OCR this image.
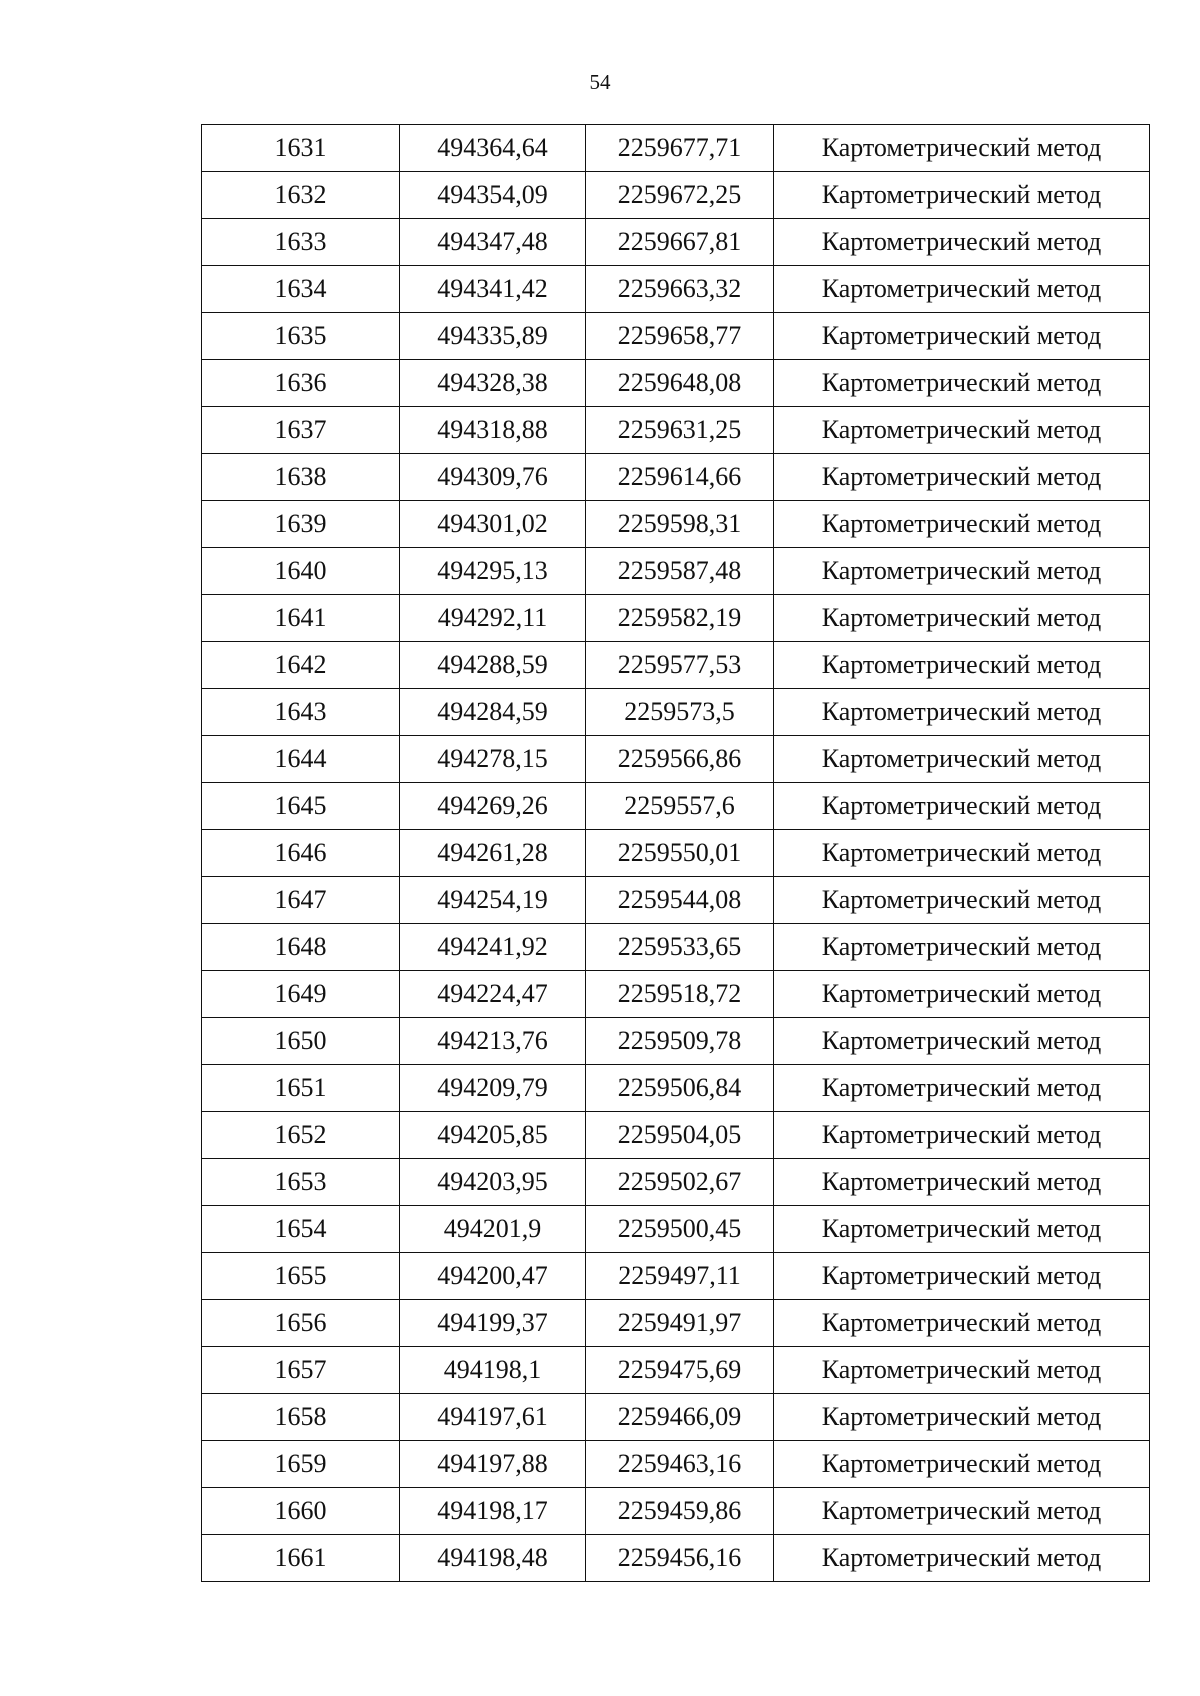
54
1631	494364,64	2259677,71	Картометрический метод
1632	494354,09	2259672,25	Картометрический метод
1633	494347,48	2259667,81	Картометрический метод
1634	494341,42	2259663,32	Картометрический метод
1635	494335,89	2259658,77	Картометрический метод
1636	494328,38	2259648,08	Картометрический метод
1637	494318,88	2259631,25	Картометрический метод
1638	494309,76	2259614,66	Картометрический метод
1639	494301,02	2259598,31	Картометрический метод
1640	494295,13	2259587,48	Картометрический метод
1641	494292,11	2259582,19	Картометрический метод
1642	494288,59	2259577,53	Картометрический метод
1643	494284,59	2259573,5	Картометрический метод
1644	494278,15	2259566,86	Картометрический метод
1645	494269,26	2259557,6	Картометрический метод
1646	494261,28	2259550,01	Картометрический метод
1647	494254,19	2259544,08	Картометрический метод
1648	494241,92	2259533,65	Картометрический метод
1649	494224,47	2259518,72	Картометрический метод
1650	494213,76	2259509,78	Картометрический метод
1651	494209,79	2259506,84	Картометрический метод
1652	494205,85	2259504,05	Картометрический метод
1653	494203,95	2259502,67	Картометрический метод
1654	494201,9	2259500,45	Картометрический метод
1655	494200,47	2259497,11	Картометрический метод
1656	494199,37	2259491,97	Картометрический метод
1657	494198,1	2259475,69	Картометрический метод
1658	494197,61	2259466,09	Картометрический метод
1659	494197,88	2259463,16	Картометрический метод
1660	494198,17	2259459,86	Картометрический метод
1661	494198,48	2259456,16	Картометрический метод
